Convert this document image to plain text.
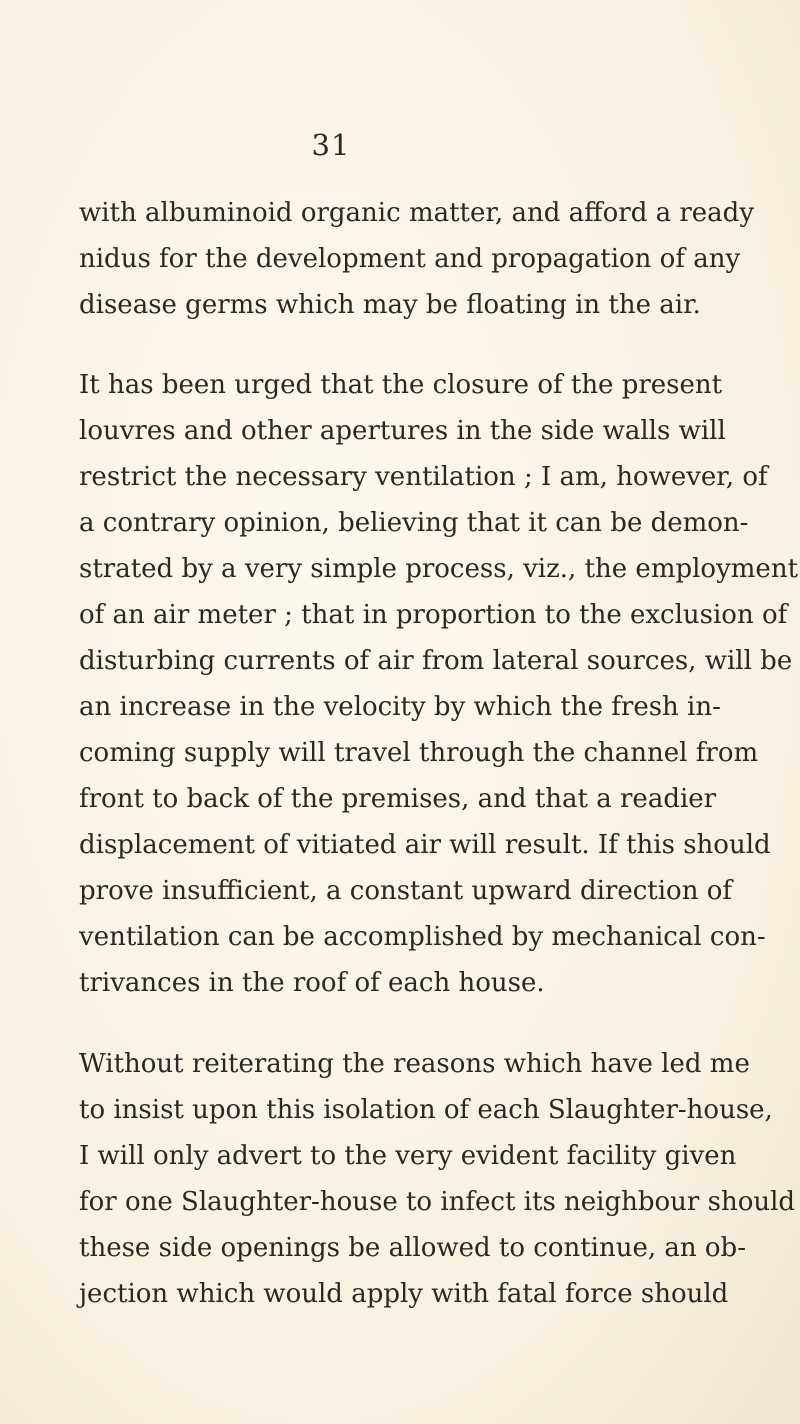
31
with albuminoid organic matter, and afford a ready
nidus for the development and propagation of any
disease germs which may be floating in the air.
It has been urged that the closure of the present
louvres and other apertures in the side walls will
restrict the necessary ventilation ; I am, however, of
a contrary opinion, believing that it can be demon-
strated by a very simple process, viz., the employment
of an air meter ; that in proportion to the exclusion of
disturbing currents of air from lateral sources, will be
an increase in the velocity by which the fresh in-
coming supply will travel through the channel from
front to back of the premises, and that a readier
displacement of vitiated air will result. If this should
prove insufficient, a constant upward direction of
ventilation can be accomplished by mechanical con-
trivances in the roof of each house.
Without reiterating the reasons which have led me
to insist upon this isolation of each Slaughter-house,
I will only advert to the very evident facility given
for one Slaughter-house to infect its neighbour should
these side openings be allowed to continue, an ob-
jection which would apply with fatal force should
